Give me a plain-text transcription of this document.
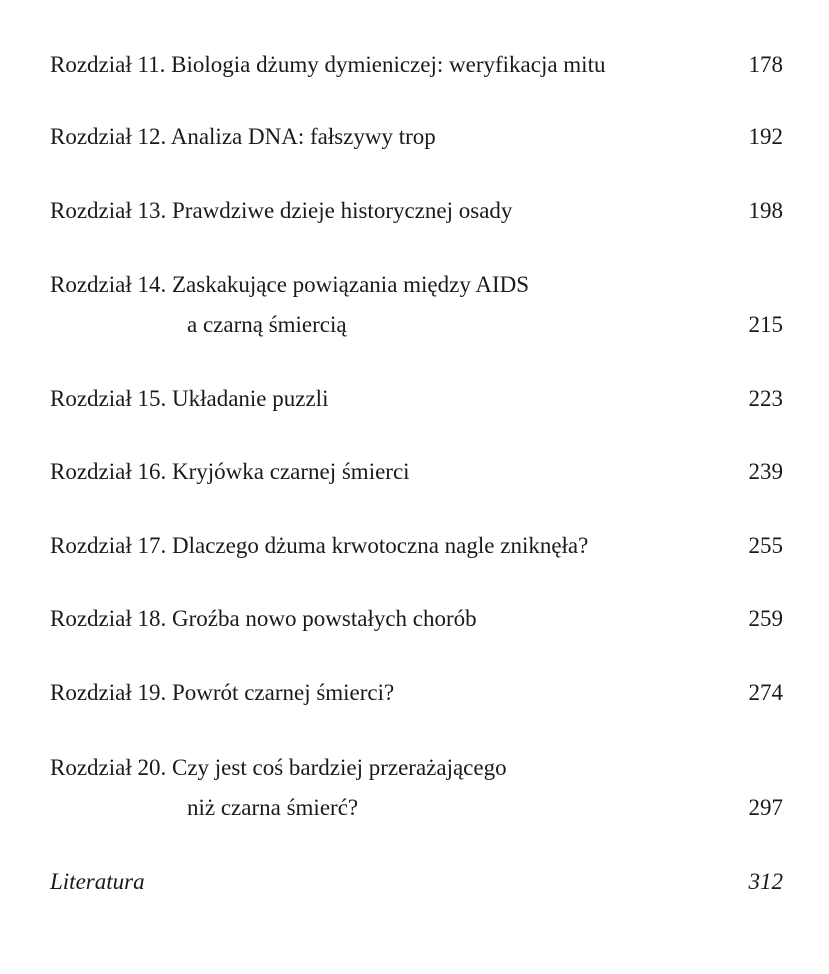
Rozdział 11. Biologia dżumy dymieniczej: weryfikacja mitu	178
Rozdział 12. Analiza DNA: fałszywy trop	192
Rozdział 13. Prawdziwe dzieje historycznej osady	198
Rozdział 14. Zaskakujące powiązania między AIDS
a czarną śmiercią	215
Rozdział 15. Układanie puzzli	223
Rozdział 16. Kryjówka czarnej śmierci	239
Rozdział 17. Dlaczego dżuma krwotoczna nagle zniknęła?	255
Rozdział 18. Groźba nowo powstałych chorób	259
Rozdział 19. Powrót czarnej śmierci?	274
Rozdział 20. Czy jest coś bardziej przerażającego
niż czarna śmierć?	297
Literatura	312
